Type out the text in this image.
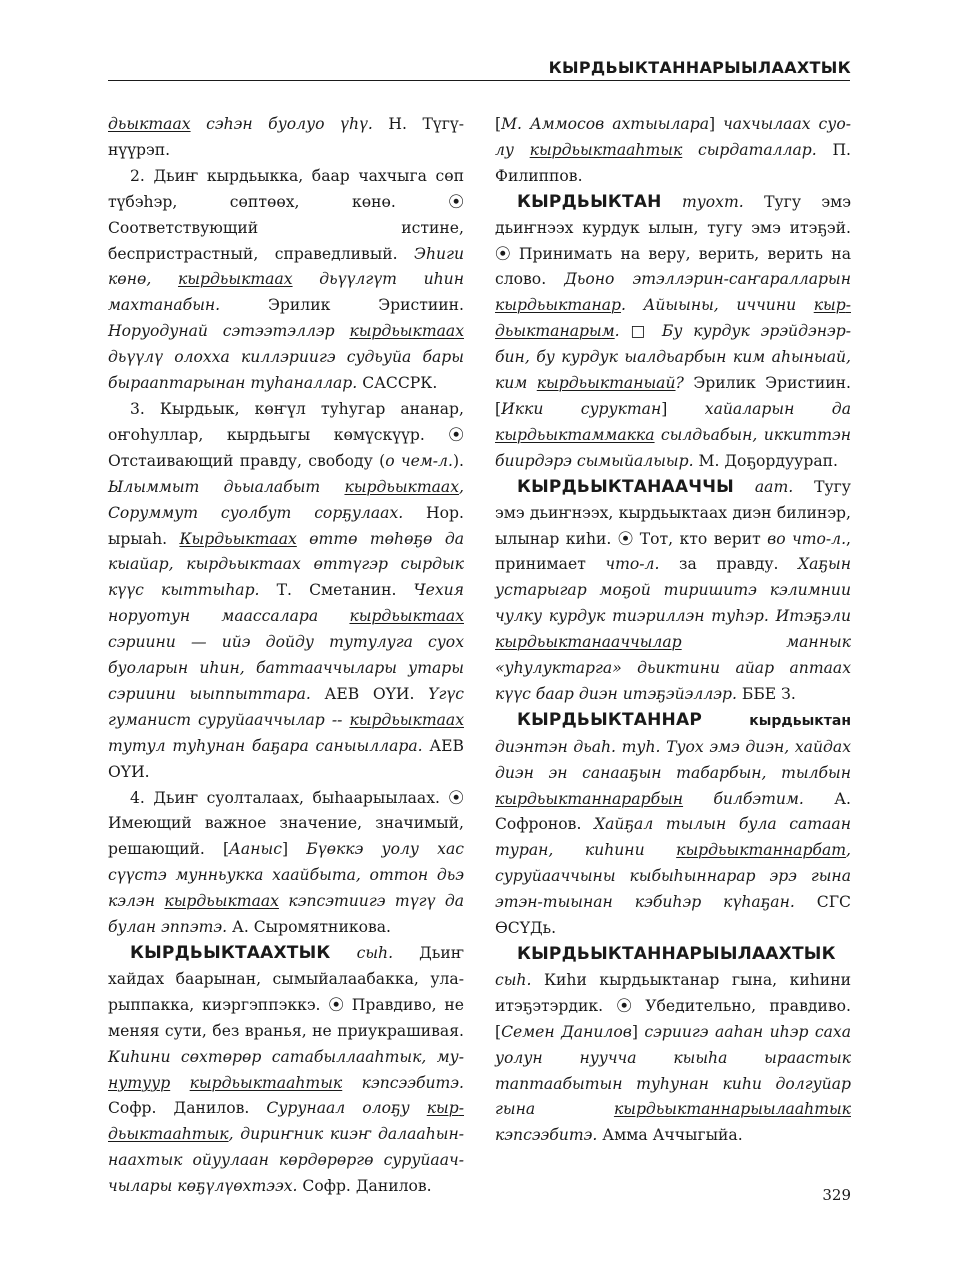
КЫРДЬЫКТАННАРЫЫЛААХТЫК

дьыктаах сэһэн буолуо үһү. Н. Түгү-нүүрэп.

2. Дьиҥ кырдьыкка, баар чахчыга сөп түбэһэр, сөптөөх, көнө. ⦿ Соответствующий истине, беспристрастный, справедливый. Эһиги көнө, кырдьыктаах дьүүлгүт иһин махтанабын. Эрилик Эристиин. Норуодунай сэтээтэллэр кырдьыктаах дьүүлү олохха киллэриигэ судьуйа бары бырааптарынан туһаналлар. САССРК.

3. Кырдьык, көҥүл туһугар ананар, оҥоһуллар, кырдьыгы көмүскүүр. ⦿ Отстаивающий правду, свободу (о чем-л.). Ылыммыт дьыалабыт кырдьыктаах, Соруммут суолбут сорҕулаах. Нор. ырыаһ. Кырдьыктаах өттө төһөҕө да кыайар, кырдьыктаах өттүгэр сырдык күүс кыттыһар. Т. Сметанин. Чехия норуотун маассалара кырдьыктаах сэриини — ийэ дойду тутулуга суох буоларын иһин, баттааччылары утары сэриини ыыппыттара. АЕВ ОҮИ. Үгүс гуманист суруйааччылар -- кырдьыктаах тутул туһунан баҕара саныыллара. АЕВ ОҮИ.

4. Дьиҥ суолталаах, быһаарыылаах. ⦿ Имеющий важное значение, значимый, решающий. [Ааныс] Бүөккэ уолу хас сүүстэ мунньукка хаайбыта, оттон дьэ кэлэн кырдьыктаах кэпсэтиигэ түгү да булан эппэтэ. А. Сыромятникова.

КЫРДЬЫКТААХТЫК сыһ. Дьиҥ хайдах баарынан, сымыйалаабакка, уларыппакка, киэргэппэккэ. ⦿ Правдиво, не меняя сути, без вранья, не приукрашивая. Киһини сөхтөрөр сатабыллааһтык, мунутуур кырдьыктааһтык кэпсээбитэ. Софр. Данилов. Сурунаал олоҕу кырдьыктааһтык, дириҥник киэҥ далааһыннаахтык ойуулаан көрдөрөргө суруйааччылары көҕүлүөхтээх. Софр. Данилов.

[М. Аммосов ахтыылара] чахчылаах суолу кырдьыктааһтык сырдаталлар. П. Филиппов.

КЫРДЬЫКТАН туохт. Тугу эмэ дьиҥнээх курдук ылын, тугу эмэ итэҕэй. ⦿ Принимать на веру, верить, верить на слово. Дьоно этэллэрин-саҥаралларын кырдьыктанар. Айыыны, иччини кырдьыктанарым. □ Бу курдук эрэйдэнэрбин, бу курдук ыалдьарбын ким аһыныай, ким кырдьыктаныай? Эрилик Эристиин. [Икки суруктан] хайаларын да кырдьыктаммакка сылдьабын, иккиттэн биирдэрэ сымыйалыыр. М. Доҕордуурап.

КЫРДЬЫКТАНААЧЧЫ аат. Тугу эмэ дьиҥнээх, кырдьыктаах диэн билинэр, ылынар киһи. ⦿ Тот, кто верит во что-л., принимает что-л. за правду. Хаҕын устарыгар моҕой тиришитэ кэлимнии чулку курдук тиэриллэн туһэр. Итэҕэли кырдьыктанааччылар маннык «уһулуктарга» дьиктини айар аптаах күүс баар диэн итэҕэйэллэр. ББЕ З.

КЫРДЬЫКТАННАР кырдьыктан диэнтэн дьаһ. туһ. Туох эмэ диэн, хайдах диэн эн санааҕын табарбын, тылбын кырдьыктаннарарбын билбэтим. А. Софронов. Хайҕал тылын була сатаан туран, киһини кырдьыктаннарбат, суруйааччыны кыбыһыннарар эрэ гына этэн-тыынан кэбиһэр күһаҕан. СГС ӨСҮДь.

КЫРДЬЫКТАННАРЫЫЛААХТЫК сыһ. Киһи кырдьыктанар гына, киһини итэҕэтэрдик. ⦿ Убедительно, правдиво. [Семен Данилов] сэриигэ ааһан иһэр саха уолун нуучча кыыһа ыраастык таптаабытын туһунан киһи долгуйар гына кырдьыктаннарыылааһтык кэпсээбитэ. Амма Аччыгыйа.

329
